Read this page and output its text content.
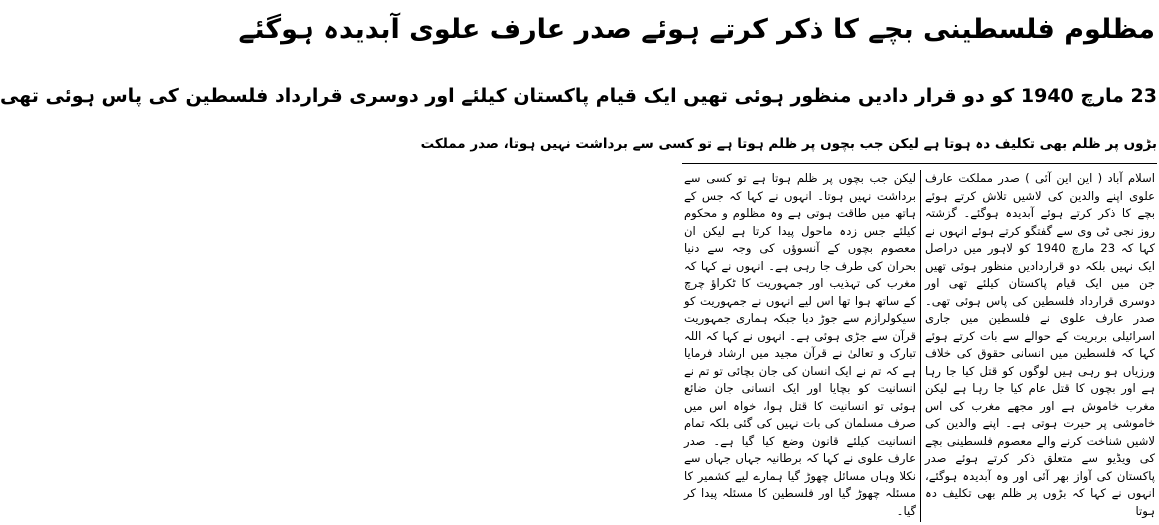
مظلوم فلسطینی بچے کا ذکر کرتے ہوئے صدر عارف علوی آبدیدہ ہوگئے
23 مارچ 1940 کو دو قرار دادیں منظور ہوئی تھیں ایک قیام پاکستان کیلئے اور دوسری قرارداد فلسطین کی پاس ہوئی تھی
بڑوں پر ظلم بھی تکلیف دہ ہوتا ہے لیکن جب بچوں پر ظلم ہوتا ہے تو کسی سے برداشت نہیں ہوتا، صدر مملکت

اسلام آباد ( این این آئی ) صدر مملکت عارف علوی اپنے والدین کی لاشیں تلاش کرتے ہوئے بچے کا ذکر کرتے ہوئے آبدیدہ ہوگئے۔ گزشتہ روز نجی ٹی وی سے گفتگو کرتے ہوئے انہوں نے کہا کہ 23 مارچ 1940 کو لاہور میں دراصل ایک نہیں بلکہ دو قراردادیں منظور ہوئی تھیں جن میں ایک قیام پاکستان کیلئے تھی اور دوسری قرارداد فلسطین کی پاس ہوئی تھی۔ صدر عارف علوی نے فلسطین میں جاری اسرائیلی بربریت کے حوالے سے بات کرتے ہوئے کہا کہ فلسطین میں انسانی حقوق کی خلاف ورزیاں ہو رہی ہیں لوگوں کو قتل کیا جا رہا ہے اور بچوں کا قتل عام کیا جا رہا ہے لیکن مغرب خاموش ہے اور مجھے مغرب کی اس خاموشی پر حیرت ہوتی ہے۔ اپنے والدین کی لاشیں شناخت کرنے والے معصوم فلسطینی بچے کی ویڈیو سے متعلق ذکر کرتے ہوئے صدر پاکستان کی آواز بھر آئی اور وہ آبدیدہ ہوگئے، انہوں نے کہا کہ بڑوں پر ظلم بھی تکلیف دہ ہوتا

لیکن جب بچوں پر ظلم ہوتا ہے تو کسی سے برداشت نہیں ہوتا۔ انہوں نے کہا کہ جس کے ہاتھ میں طاقت ہوتی ہے وہ مظلوم و محکوم کیلئے جس زدہ ماحول پیدا کرتا ہے لیکن ان معصوم بچوں کے آنسوؤں کی وجہ سے دنیا بحران کی طرف جا رہی ہے۔ انہوں نے کہا کہ مغرب کی تہذیب اور جمہوریت کا ٹکراؤ چرچ کے ساتھ ہوا تھا اس لیے انہوں نے جمہوریت کو سیکولرازم سے جوڑ دیا جبکہ ہماری جمہوریت قرآن سے جڑی ہوئی ہے۔ انہوں نے کہا کہ اللہ تبارک و تعالیٰ نے قرآن مجید میں ارشاد فرمایا ہے کہ تم نے ایک انسان کی جان بچائی تو تم نے انسانیت کو بچایا اور ایک انسانی جان ضائع ہوئی تو انسانیت کا قتل ہوا، خواہ اس میں صرف مسلمان کی بات نہیں کی گئی بلکہ تمام انسانیت کیلئے قانون وضع کیا گیا ہے۔ صدر عارف علوی نے کہا کہ برطانیہ جہاں جہاں سے نکلا وہاں مسائل چھوڑ گیا ہمارے لیے کشمیر کا مسئلہ چھوڑ گیا اور فلسطین کا مسئلہ پیدا کر گیا۔
